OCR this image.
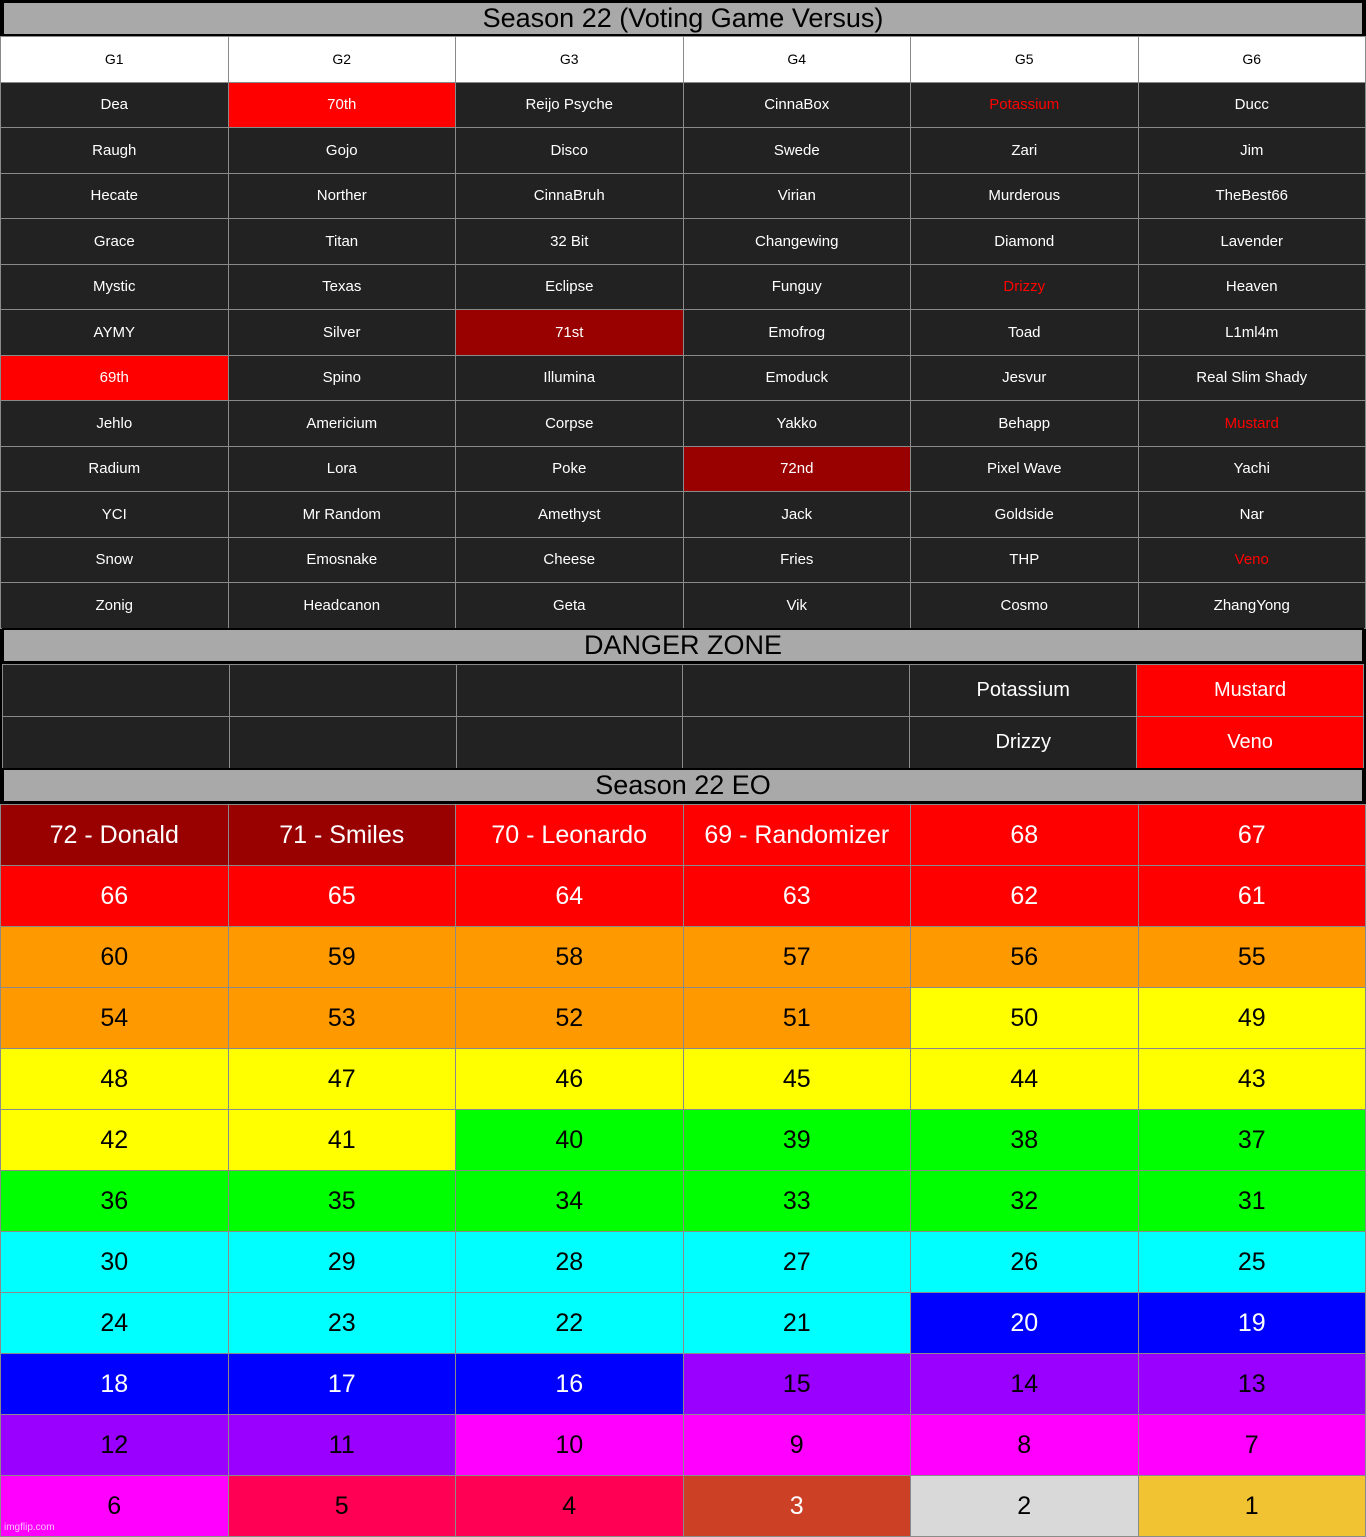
Season 22 (Voting Game Versus)
G1	G2	G3	G4	G5	G6
Dea	70th	Reijo Psyche	CinnaBox	Potassium	Ducc
Raugh	Gojo	Disco	Swede	Zari	Jim
Hecate	Norther	CinnaBruh	Virian	Murderous	TheBest66
Grace	Titan	32 Bit	Changewing	Diamond	Lavender
Mystic	Texas	Eclipse	Funguy	Drizzy	Heaven
AYMY	Silver	71st	Emofrog	Toad	L1ml4m
69th	Spino	Illumina	Emoduck	Jesvur	Real Slim Shady
Jehlo	Americium	Corpse	Yakko	Behapp	Mustard
Radium	Lora	Poke	72nd	Pixel Wave	Yachi
YCI	Mr Random	Amethyst	Jack	Goldside	Nar
Snow	Emosnake	Cheese	Fries	THP	Veno
Zonig	Headcanon	Geta	Vik	Cosmo	ZhangYong
DANGER ZONE
				Potassium	Mustard
				Drizzy	Veno
Season 22 EO
72 - Donald	71 - Smiles	70 - Leonardo	69 - Randomizer	68	67
66	65	64	63	62	61
60	59	58	57	56	55
54	53	52	51	50	49
48	47	46	45	44	43
42	41	40	39	38	37
36	35	34	33	32	31
30	29	28	27	26	25
24	23	22	21	20	19
18	17	16	15	14	13
12	11	10	9	8	7
6	5	4	3	2	1
imgflip.com
